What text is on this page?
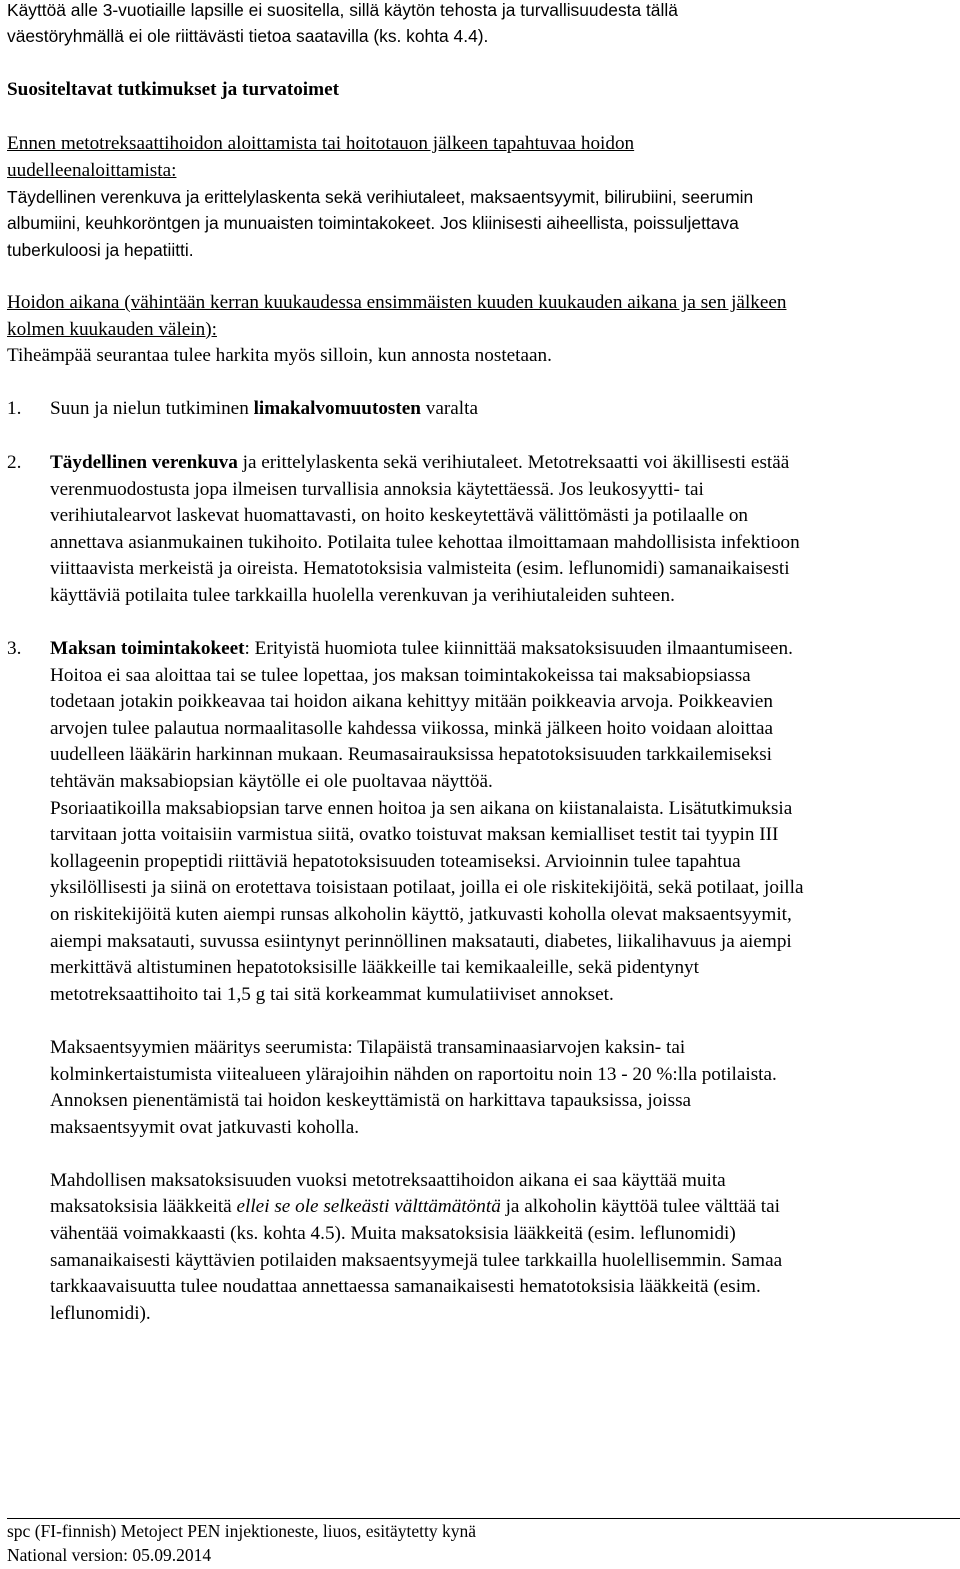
Käyttöä alle 3-vuotiaille lapsille ei suositella, sillä käytön tehosta ja turvallisuudesta tällä
väestöryhmällä ei ole riittävästi tietoa saatavilla (ks. kohta 4.4).
Suositeltavat tutkimukset ja turvatoimet
Ennen metotreksaattihoidon aloittamista tai hoitotauon jälkeen tapahtuvaa hoidon
uudelleenaloittamista:
Täydellinen verenkuva ja erittelylaskenta sekä verihiutaleet, maksaentsyymit, bilirubiini, seerumin
albumiini, keuhkoröntgen ja munuaisten toimintakokeet. Jos kliinisesti aiheellista, poissuljettava
tuberkuloosi ja hepatiitti.
Hoidon aikana (vähintään kerran kuukaudessa ensimmäisten kuuden kuukauden aikana ja sen jälkeen
kolmen kuukauden välein):
Tiheämpää seurantaa tulee harkita myös silloin, kun annosta nostetaan.
1. Suun ja nielun tutkiminen limakalvomuutosten varalta
2. Täydellinen verenkuva ja erittelylaskenta sekä verihiutaleet. Metotreksaatti voi äkillisesti estää
verenmuodostusta jopa ilmeisen turvallisia annoksia käytettäessä. Jos leukosyytti- tai
verihiutalearvot laskevat huomattavasti, on hoito keskeytettävä välittömästi ja potilaalle on
annettava asianmukainen tukihoito. Potilaita tulee kehottaa ilmoittamaan mahdollisista infektioon
viittaavista merkeistä ja oireista. Hematotoksisia valmisteita (esim. leflunomidi) samanaikaisesti
käyttäviä potilaita tulee tarkkailla huolella verenkuvan ja verihiutaleiden suhteen.
3. Maksan toimintakokeet: Erityistä huomiota tulee kiinnittää maksatoksisuuden ilmaantumiseen.
Hoitoa ei saa aloittaa tai se tulee lopettaa, jos maksan toimintakokeissa tai maksabiopsiassa
todetaan jotakin poikkeavaa tai hoidon aikana kehittyy mitään poikkeavia arvoja. Poikkeavien
arvojen tulee palautua normaalitasolle kahdessa viikossa, minkä jälkeen hoito voidaan aloittaa
uudelleen lääkärin harkinnan mukaan. Reumasairauksissa hepatotoksisuuden tarkkailemiseksi
tehtävän maksabiopsian käytölle ei ole puoltavaa näyttöä.
Psoriaatikoilla maksabiopsian tarve ennen hoitoa ja sen aikana on kiistanalaista. Lisätutkimuksia
tarvitaan jotta voitaisiin varmistua siitä, ovatko toistuvat maksan kemialliset testit tai tyypin III
kollageenin propeptidi riittäviä hepatotoksisuuden toteamiseksi. Arvioinnin tulee tapahtua
yksilöllisesti ja siinä on erotettava toisistaan potilaat, joilla ei ole riskitekijöitä, sekä potilaat, joilla
on riskitekijöitä kuten aiempi runsas alkoholin käyttö, jatkuvasti koholla olevat maksaentsyymit,
aiempi maksatauti, suvussa esiintynyt perinnöllinen maksatauti, diabetes, liikalihavuus ja aiempi
merkittävä altistuminen hepatotoksisille lääkkeille tai kemikaaleille, sekä pidentynyt
metotreksaattihoito tai 1,5 g tai sitä korkeammat kumulatiiviset annokset.
Maksaentsyymien määritys seerumista: Tilapäistä transaminaasiarvojen kaksin- tai
kolminkertaistumista viitealueen ylärajoihin nähden on raportoitu noin 13 - 20 %:lla potilaista.
Annoksen pienentämistä tai hoidon keskeyttämistä on harkittava tapauksissa, joissa
maksaentsyymit ovat jatkuvasti koholla.
Mahdollisen maksatoksisuuden vuoksi metotreksaattihoidon aikana ei saa käyttää muita
maksatoksisia lääkkeitä ellei se ole selkeästi välttämätöntä ja alkoholin käyttöä tulee välttää tai
vähentää voimakkaasti (ks. kohta 4.5). Muita maksatoksisia lääkkeitä (esim. leflunomidi)
samanaikaisesti käyttävien potilaiden maksaentsyymejä tulee tarkkailla huolellisemmin. Samaa
tarkkaavaisuutta tulee noudattaa annettaessa samanaikaisesti hematotoksisia lääkkeitä (esim.
leflunomidi).
spc (FI-finnish) Metoject PEN injektioneste, liuos, esitäytetty kynä
National version: 05.09.2014
